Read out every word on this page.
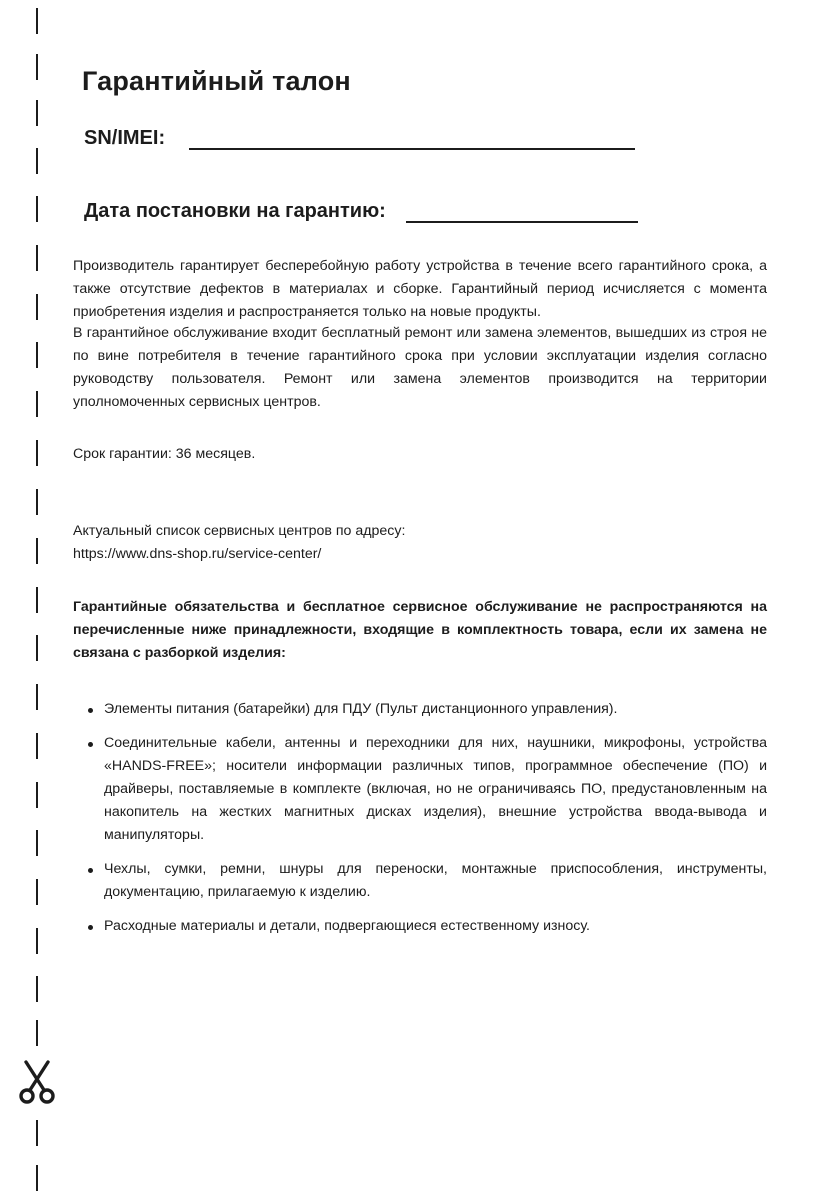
Гарантийный талон
SN/IMEI:
Дата постановки на гарантию:

Производитель гарантирует бесперебойную работу устройства в течение всего гарантийного срока, а также отсутствие дефектов в материалах и сборке. Гарантийный период исчисляется с момента приобретения изделия и распространяется только на новые продукты.

В гарантийное обслуживание входит бесплатный ремонт или замена элементов, вышедших из строя не по вине потребителя в течение гарантийного срока при условии эксплуатации изделия согласно руководству пользователя. Ремонт или замена элементов производится на территории уполномоченных сервисных центров.

Срок гарантии: 36 месяцев.

Актуальный список сервисных центров по адресу:
https://www.dns-shop.ru/service-center/

Гарантийные обязательства и бесплатное сервисное обслуживание не распространяются на перечисленные ниже принадлежности, входящие в комплектность товара, если их замена не связана с разборкой изделия:

Элементы питания (батарейки) для ПДУ (Пульт дистанционного управления).
Соединительные кабели, антенны и переходники для них, наушники, микрофоны, устройства «HANDS-FREE»; носители информации различных типов, программное обеспечение (ПО) и драйверы, поставляемые в комплекте (включая, но не ограничиваясь ПО, предустановленным на накопитель на жестких магнитных дисках изделия), внешние устройства ввода-вывода и манипуляторы.
Чехлы, сумки, ремни, шнуры для переноски, монтажные приспособления, инструменты, документацию, прилагаемую к изделию.
Расходные материалы и детали, подвергающиеся естественному износу.
